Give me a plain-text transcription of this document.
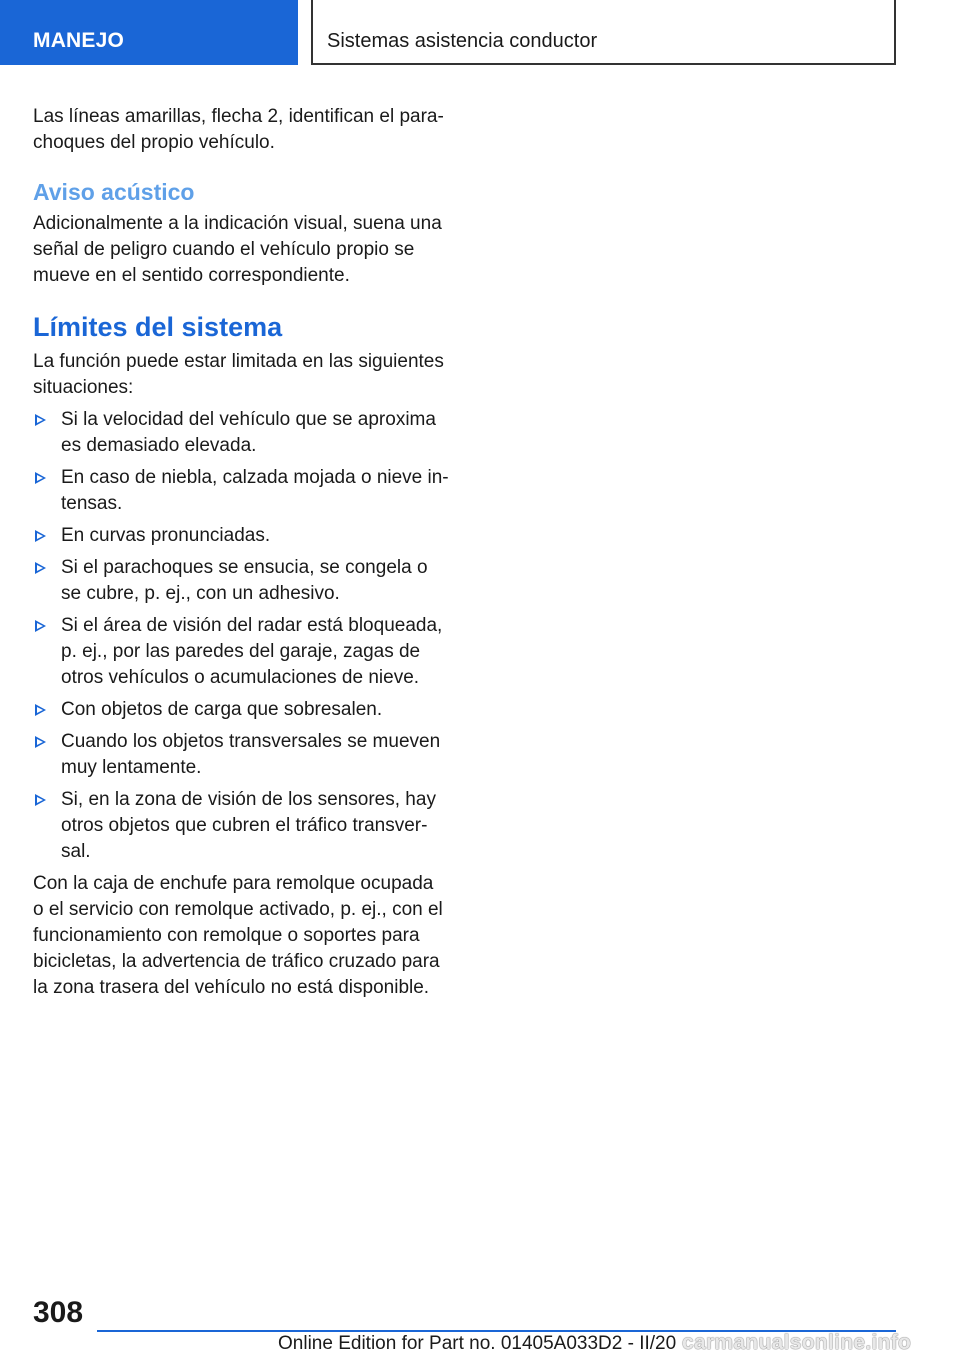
MANEJO	Sistemas asistencia conductor

Las líneas amarillas, flecha 2, identifican el para‐ choques del propio vehículo.

Aviso acústico

Adicionalmente a la indicación visual, suena una señal de peligro cuando el vehículo propio se mueve en el sentido correspondiente.

Límites del sistema

La función puede estar limitada en las siguientes situaciones:

Si la velocidad del vehículo que se aproxima es demasiado elevada.
En caso de niebla, calzada mojada o nieve in‐ tensas.
En curvas pronunciadas.
Si el parachoques se ensucia, se congela o se cubre, p. ej., con un adhesivo.
Si el área de visión del radar está bloqueada, p. ej., por las paredes del garaje, zagas de otros vehículos o acumulaciones de nieve.
Con objetos de carga que sobresalen.
Cuando los objetos transversales se mueven muy lentamente.
Si, en la zona de visión de los sensores, hay otros objetos que cubren el tráfico transver‐ sal.

Con la caja de enchufe para remolque ocupada o el servicio con remolque activado, p. ej., con el funcionamiento con remolque o soportes para bicicletas, la advertencia de tráfico cruzado para la zona trasera del vehículo no está disponible.

308
Online Edition for Part no. 01405A033D2 - II/20 carmanualsonline.info
